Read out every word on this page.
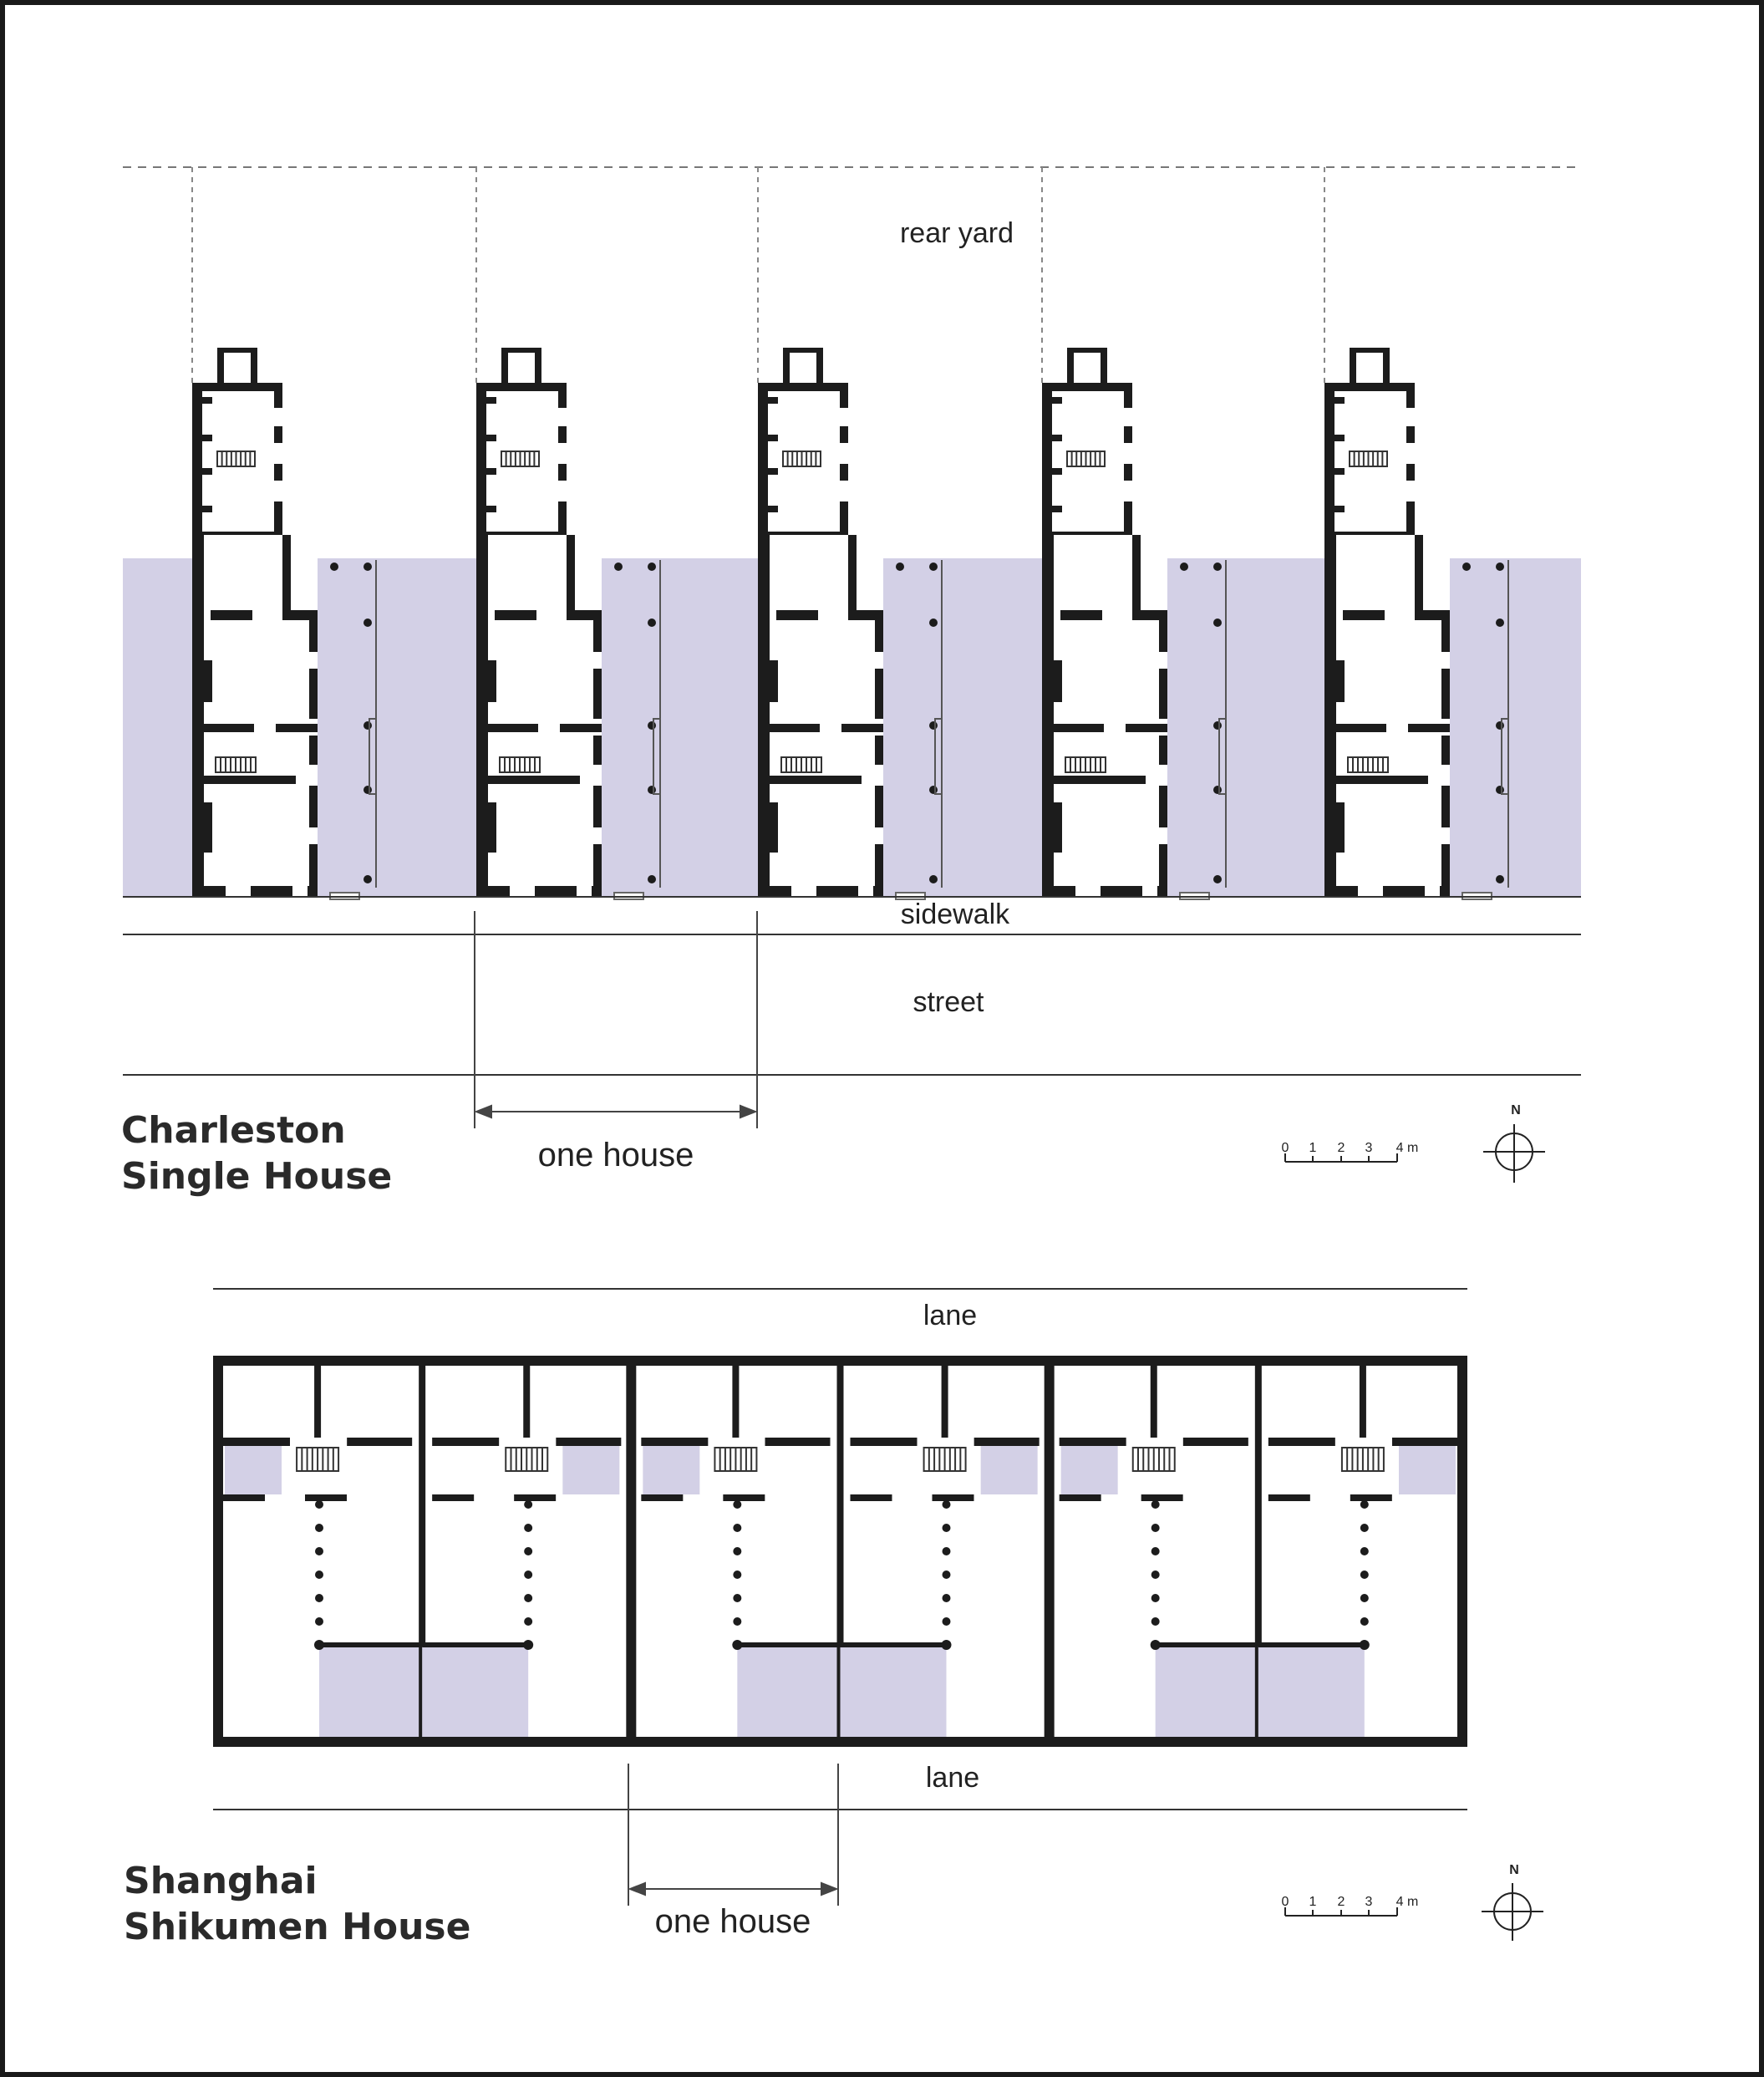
rear yard
sidewalk
street
one house
Charleston
Single House
0 1 2 3 4 m
N
lane
lane
one house
Shanghai
Shikumen House
0 1 2 3 4 m
N
